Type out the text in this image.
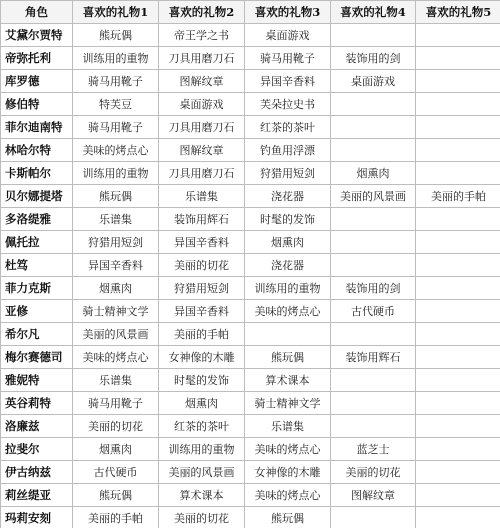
角色	喜欢的礼物1	喜欢的礼物2	喜欢的礼物3	喜欢的礼物4	喜欢的礼物5
艾黛尔贾特	熊玩偶	帝王学之书	桌面游戏		
帝弥托利	训练用的重物	刀具用磨刀石	骑马用靴子	装饰用的剑	
库罗德	骑马用靴子	图解纹章	异国辛香料	桌面游戏	
修伯特	特芙豆	桌面游戏	芙朵拉史书		
菲尔迪南特	骑马用靴子	刀具用磨刀石	红茶的茶叶		
林哈尔特	美味的烤点心	图解纹章	钓鱼用浮漂		
卡斯帕尔	训练用的重物	刀具用磨刀石	狩猎用短剑	烟熏肉	
贝尔娜提塔	熊玩偶	乐谱集	浇花器	美丽的风景画	美丽的手帕
多洛缇雅	乐谱集	装饰用辉石	时髦的发饰		
佩托拉	狩猎用短剑	异国辛香料	烟熏肉		
杜笃	异国辛香料	美丽的切花	浇花器		
菲力克斯	烟熏肉	狩猎用短剑	训练用的重物	装饰用的剑	
亚修	骑士精神文学	异国辛香料	美味的烤点心	古代硬币	
希尔凡	美丽的风景画	美丽的手帕			
梅尔赛德司	美味的烤点心	女神像的木雕	熊玩偶	装饰用辉石	
雅妮特	乐谱集	时髦的发饰	算术课本		
英谷莉特	骑马用靴子	烟熏肉	骑士精神文学		
洛廉兹	美丽的切花	红茶的茶叶	乐谱集		
拉斐尔	烟熏肉	训练用的重物	美味的烤点心	蓝芝士	
伊古纳兹	古代硬币	美丽的风景画	女神像的木雕	美丽的切花	
莉丝缇亚	熊玩偶	算术课本	美味的烤点心	图解纹章	
玛莉安刻	美丽的手帕	美丽的切花	熊玩偶		
